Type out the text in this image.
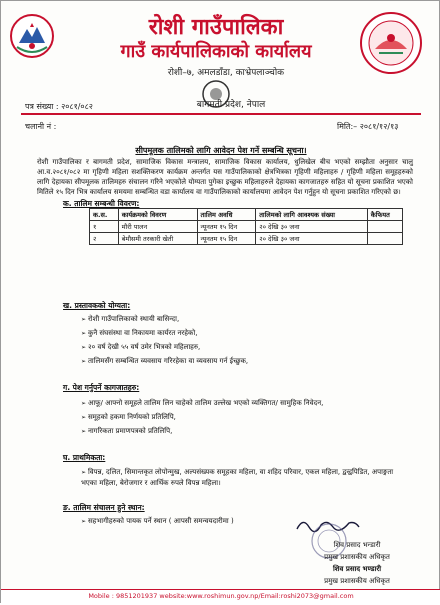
रोशी गाउँपालिका
गाउँ कार्यपालिकाको कार्यालय
रोशी–७, अमलडाँडा, काभ्रेपलाञ्चोक
बागमती प्रदेश, नेपाल
पत्र संख्या : २०८१/०८२
चलानी नं :	मिति:– २०८१/१२/१३
सीपमूलक तालिमको लागि आवेदन पेश गर्ने सम्बन्धि सूचना।
रोशी गाउँपालिका र बागमती प्रदेश, सामाजिक विकास मन्त्रालय, सामाजिक विकास कार्यालय, धुलिखेल बीच भएको सम्झौता अनुसार चालु आ.व.२०८१/०८२ मा गृहिणी महिला सशक्तिकरण कार्यक्रम अन्तर्गत यस गाउँपालिकाको क्षेत्रभित्रका गृहिणी महिलाहरु / गृहिणी महिला समूहहरुको लागि देहायका सीपमूलक तालिमहरु संचालन गरिने भएकोले योग्यता पुगेका इच्छुक महिलाहरुले देहायका कागजातहरु सहित यो सूचना प्रकाशित भएको मितिले १५ दिन भित्र कार्यालय समयमा सम्बन्धित वडा कार्यालय वा गाउँपालिकाको कार्यालयमा आवेदन पेश गर्नुहुन यो सूचना प्रकाशित गरिएको छ।
क. तालिम सम्बन्धी विवरण:
क.स.	कार्यक्रमको विवरण	तालिम अवधि	तालिमको लागि आवश्यक संख्या	कैफियत
१	मौरी पालन	न्यूनतम १५ दिन	२० देखि ३० जना	
२	बेमौसमी तरकारी खेती	न्यूनतम १५ दिन	२० देखि ३० जना	
ख. प्रस्तावकको योग्यता:
➢ रोशी गाउँपालिकाको स्थायी बासिन्दा,
➢ कुनै संघसंस्था वा निकायमा कार्यरत नरहेको,
➢ २० वर्ष देखी ५५ वर्ष उमेर भित्रको महिलाहरु,
➢ तालिमसँग सम्बन्धित व्यवसाय गरिरहेका वा व्यवसाय गर्न ईच्छुक,
ग. पेश गर्नुपर्ने कागजातहरु:
➢ आफू/ आफ्नो समूहले तालिम लिन चाहेको तालिम उल्लेख भएको व्यक्तिगत/ सामुहिक निवेदन,
➢ समूहको हकमा निर्णयको प्रतिलिपि,
➢ नागरिकता प्रमाणपत्रको प्रतिलिपि,
घ. प्राथमिकता:
➢ विपन्न, दलित, सिमान्तकृत लोपोन्मुख, अल्पसंख्यक समूहका महिला, वा शहिद परिवार, एकल महिला, द्वन्द्वपिडित, अपाङ्गता भएका महिला, बेरोजगार र आर्थिक रुपले विपन्न महिला।
ङ. तालिम संचालन हुने स्थान:
➢ सहभागीहरुको पायक पर्ने स्थान ( आपसी समन्वयदारीमा )
शिव प्रसाद भन्डारी
प्रमुख प्रशासकीय अधिकृत
शिव प्रसाद भण्डारी
प्रमुख प्रशासकीय अधिकृत
Mobile : 9851201937 website:www.roshimun.gov.np/Email:roshi2073@gmail.com
